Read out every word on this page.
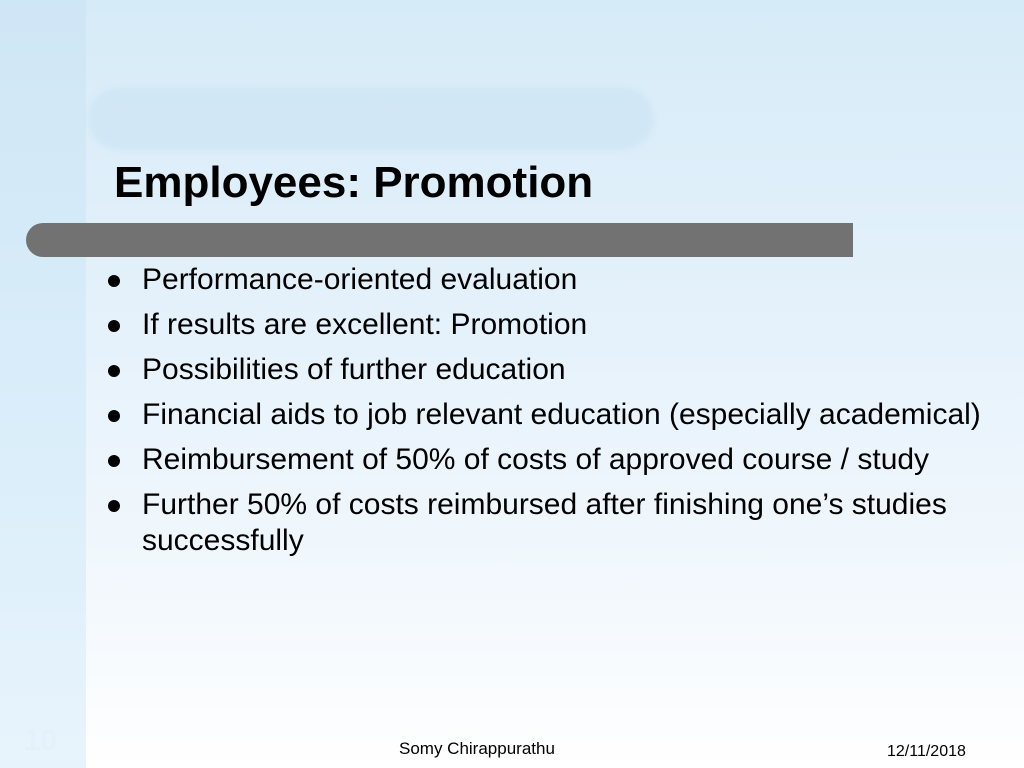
Employees: Promotion
Performance-oriented evaluation
If results are excellent: Promotion
Possibilities of further education
Financial aids to job relevant education (especially academical)
Reimbursement of 50% of costs of approved course / study
Further 50% of costs reimbursed after finishing one’s studies successfully
10	Somy Chirappurathu	12/11/2018
